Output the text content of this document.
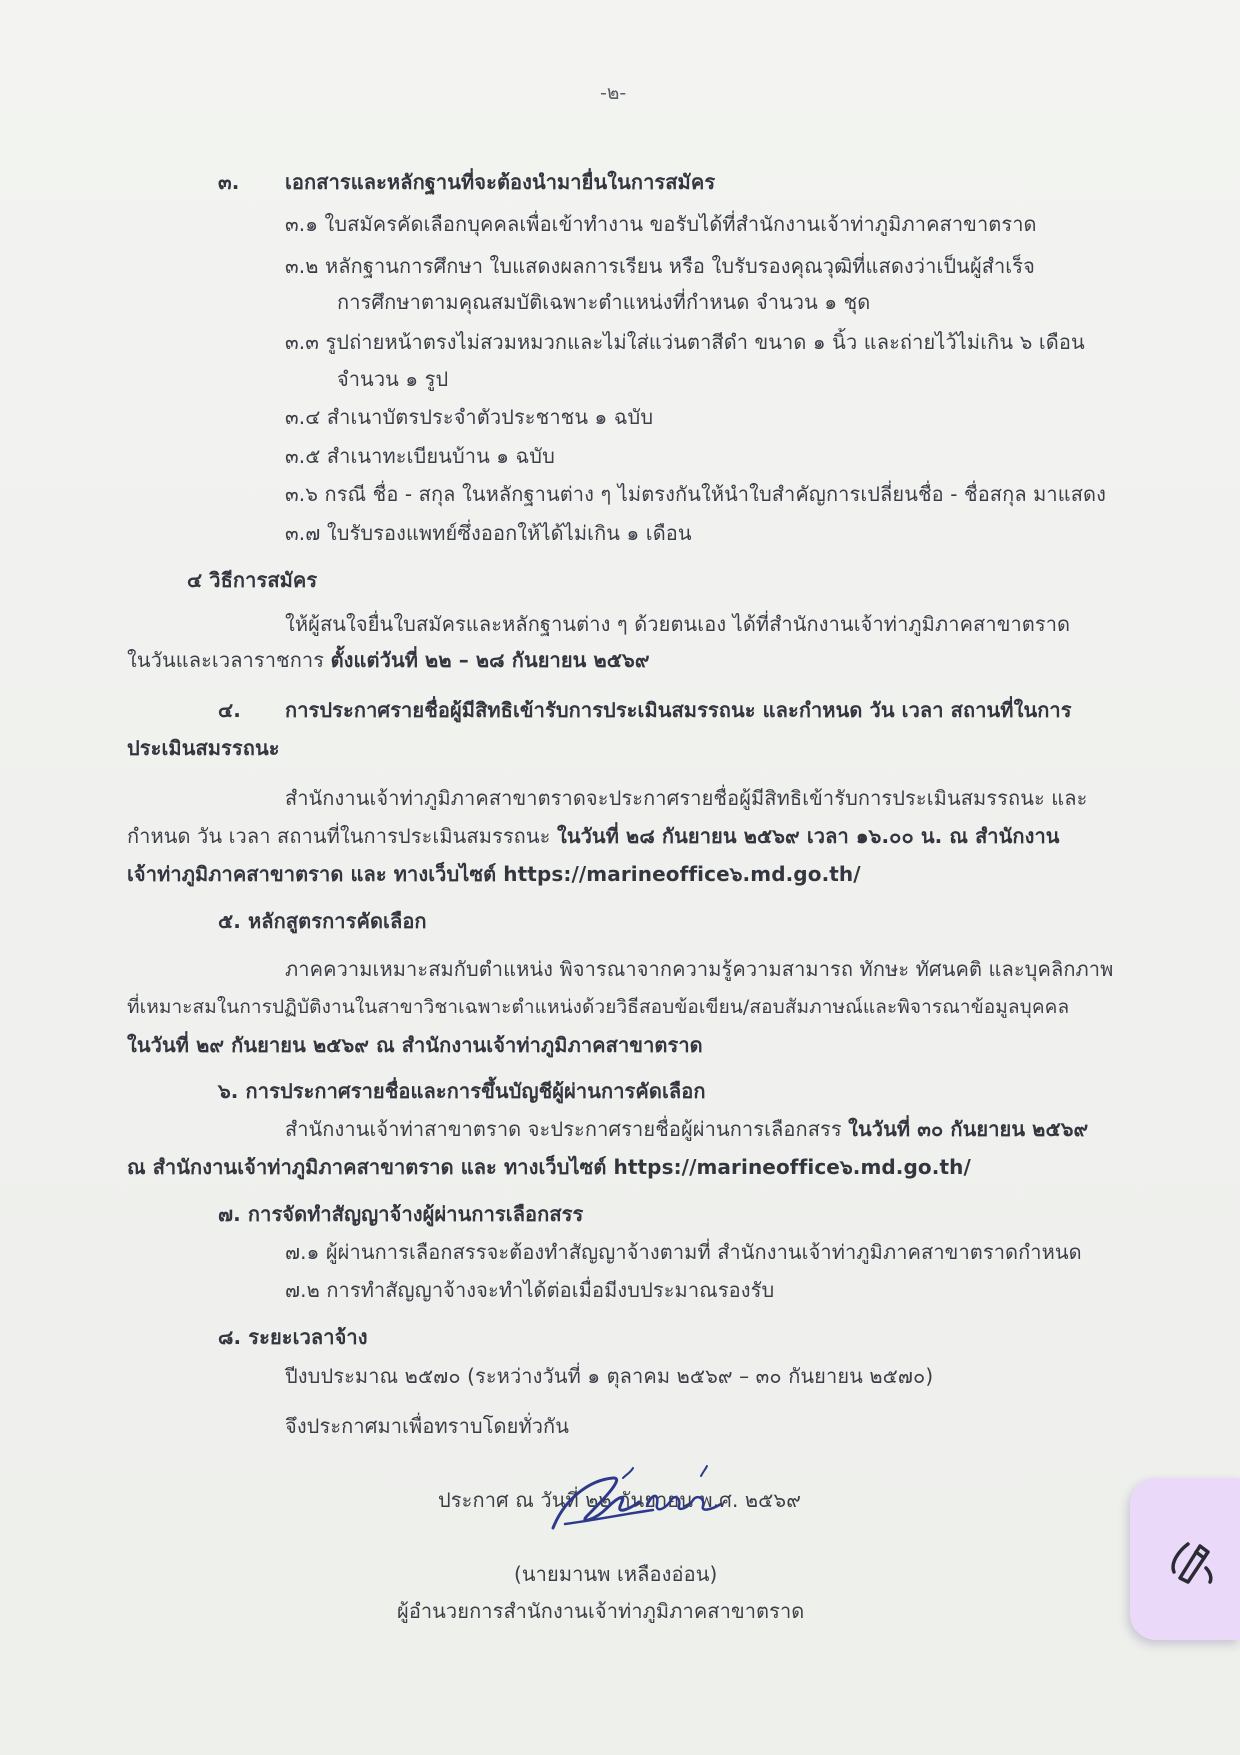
-๒-
๓. เอกสารและหลักฐานที่จะต้องนำมายื่นในการสมัคร
๓.๑ ใบสมัครคัดเลือกบุคคลเพื่อเข้าทำงาน ขอรับได้ที่สำนักงานเจ้าท่าภูมิภาคสาขาตราด
๓.๒ หลักฐานการศึกษา ใบแสดงผลการเรียน หรือ ใบรับรองคุณวุฒิที่แสดงว่าเป็นผู้สำเร็จ
การศึกษาตามคุณสมบัติเฉพาะตำแหน่งที่กำหนด จำนวน ๑ ชุด
๓.๓ รูปถ่ายหน้าตรงไม่สวมหมวกและไม่ใส่แว่นตาสีดำ ขนาด ๑ นิ้ว และถ่ายไว้ไม่เกิน ๖ เดือน
จำนวน ๑ รูป
๓.๔ สำเนาบัตรประจำตัวประชาชน ๑ ฉบับ
๓.๕ สำเนาทะเบียนบ้าน ๑ ฉบับ
๓.๖ กรณี ชื่อ - สกุล ในหลักฐานต่าง ๆ ไม่ตรงกันให้นำใบสำคัญการเปลี่ยนชื่อ - ชื่อสกุล มาแสดง
๓.๗ ใบรับรองแพทย์ซึ่งออกให้ได้ไม่เกิน ๑ เดือน
๔ วิธีการสมัคร
ให้ผู้สนใจยื่นใบสมัครและหลักฐานต่าง ๆ ด้วยตนเอง ได้ที่สำนักงานเจ้าท่าภูมิภาคสาขาตราด
ในวันและเวลาราชการ ตั้งแต่วันที่ ๒๒ – ๒๘ กันยายน ๒๕๖๙
๔. การประกาศรายชื่อผู้มีสิทธิเข้ารับการประเมินสมรรถนะ และกำหนด วัน เวลา สถานที่ในการ
ประเมินสมรรถนะ
สำนักงานเจ้าท่าภูมิภาคสาขาตราดจะประกาศรายชื่อผู้มีสิทธิเข้ารับการประเมินสมรรถนะ และ
กำหนด วัน เวลา สถานที่ในการประเมินสมรรถนะ ในวันที่ ๒๘ กันยายน ๒๕๖๙ เวลา ๑๖.๐๐ น. ณ สำนักงาน
เจ้าท่าภูมิภาคสาขาตราด และ ทางเว็บไซต์ https://marineoffice๖.md.go.th/
๕. หลักสูตรการคัดเลือก
ภาคความเหมาะสมกับตำแหน่ง พิจารณาจากความรู้ความสามารถ ทักษะ ทัศนคติ และบุคลิกภาพ
ที่เหมาะสมในการปฏิบัติงานในสาขาวิชาเฉพาะตำแหน่งด้วยวิธีสอบข้อเขียน/สอบสัมภาษณ์และพิจารณาข้อมูลบุคคล
ในวันที่ ๒๙ กันยายน ๒๕๖๙ ณ สำนักงานเจ้าท่าภูมิภาคสาขาตราด
๖. การประกาศรายชื่อและการขึ้นบัญชีผู้ผ่านการคัดเลือก
สำนักงานเจ้าท่าสาขาตราด จะประกาศรายชื่อผู้ผ่านการเลือกสรร ในวันที่ ๓๐ กันยายน ๒๕๖๙
ณ สำนักงานเจ้าท่าภูมิภาคสาขาตราด และ ทางเว็บไซต์ https://marineoffice๖.md.go.th/
๗. การจัดทำสัญญาจ้างผู้ผ่านการเลือกสรร
๗.๑ ผู้ผ่านการเลือกสรรจะต้องทำสัญญาจ้างตามที่ สำนักงานเจ้าท่าภูมิภาคสาขาตราดกำหนด
๗.๒ การทำสัญญาจ้างจะทำได้ต่อเมื่อมีงบประมาณรองรับ
๘. ระยะเวลาจ้าง
ปีงบประมาณ ๒๕๗๐ (ระหว่างวันที่ ๑ ตุลาคม ๒๕๖๙ – ๓๐ กันยายน ๒๕๗๐)
จึงประกาศมาเพื่อทราบโดยทั่วกัน
ประกาศ ณ วันที่ ๒๒ กันยายน พ.ศ. ๒๕๖๙
(นายมานพ เหลืองอ่อน)
ผู้อำนวยการสำนักงานเจ้าท่าภูมิภาคสาขาตราด
